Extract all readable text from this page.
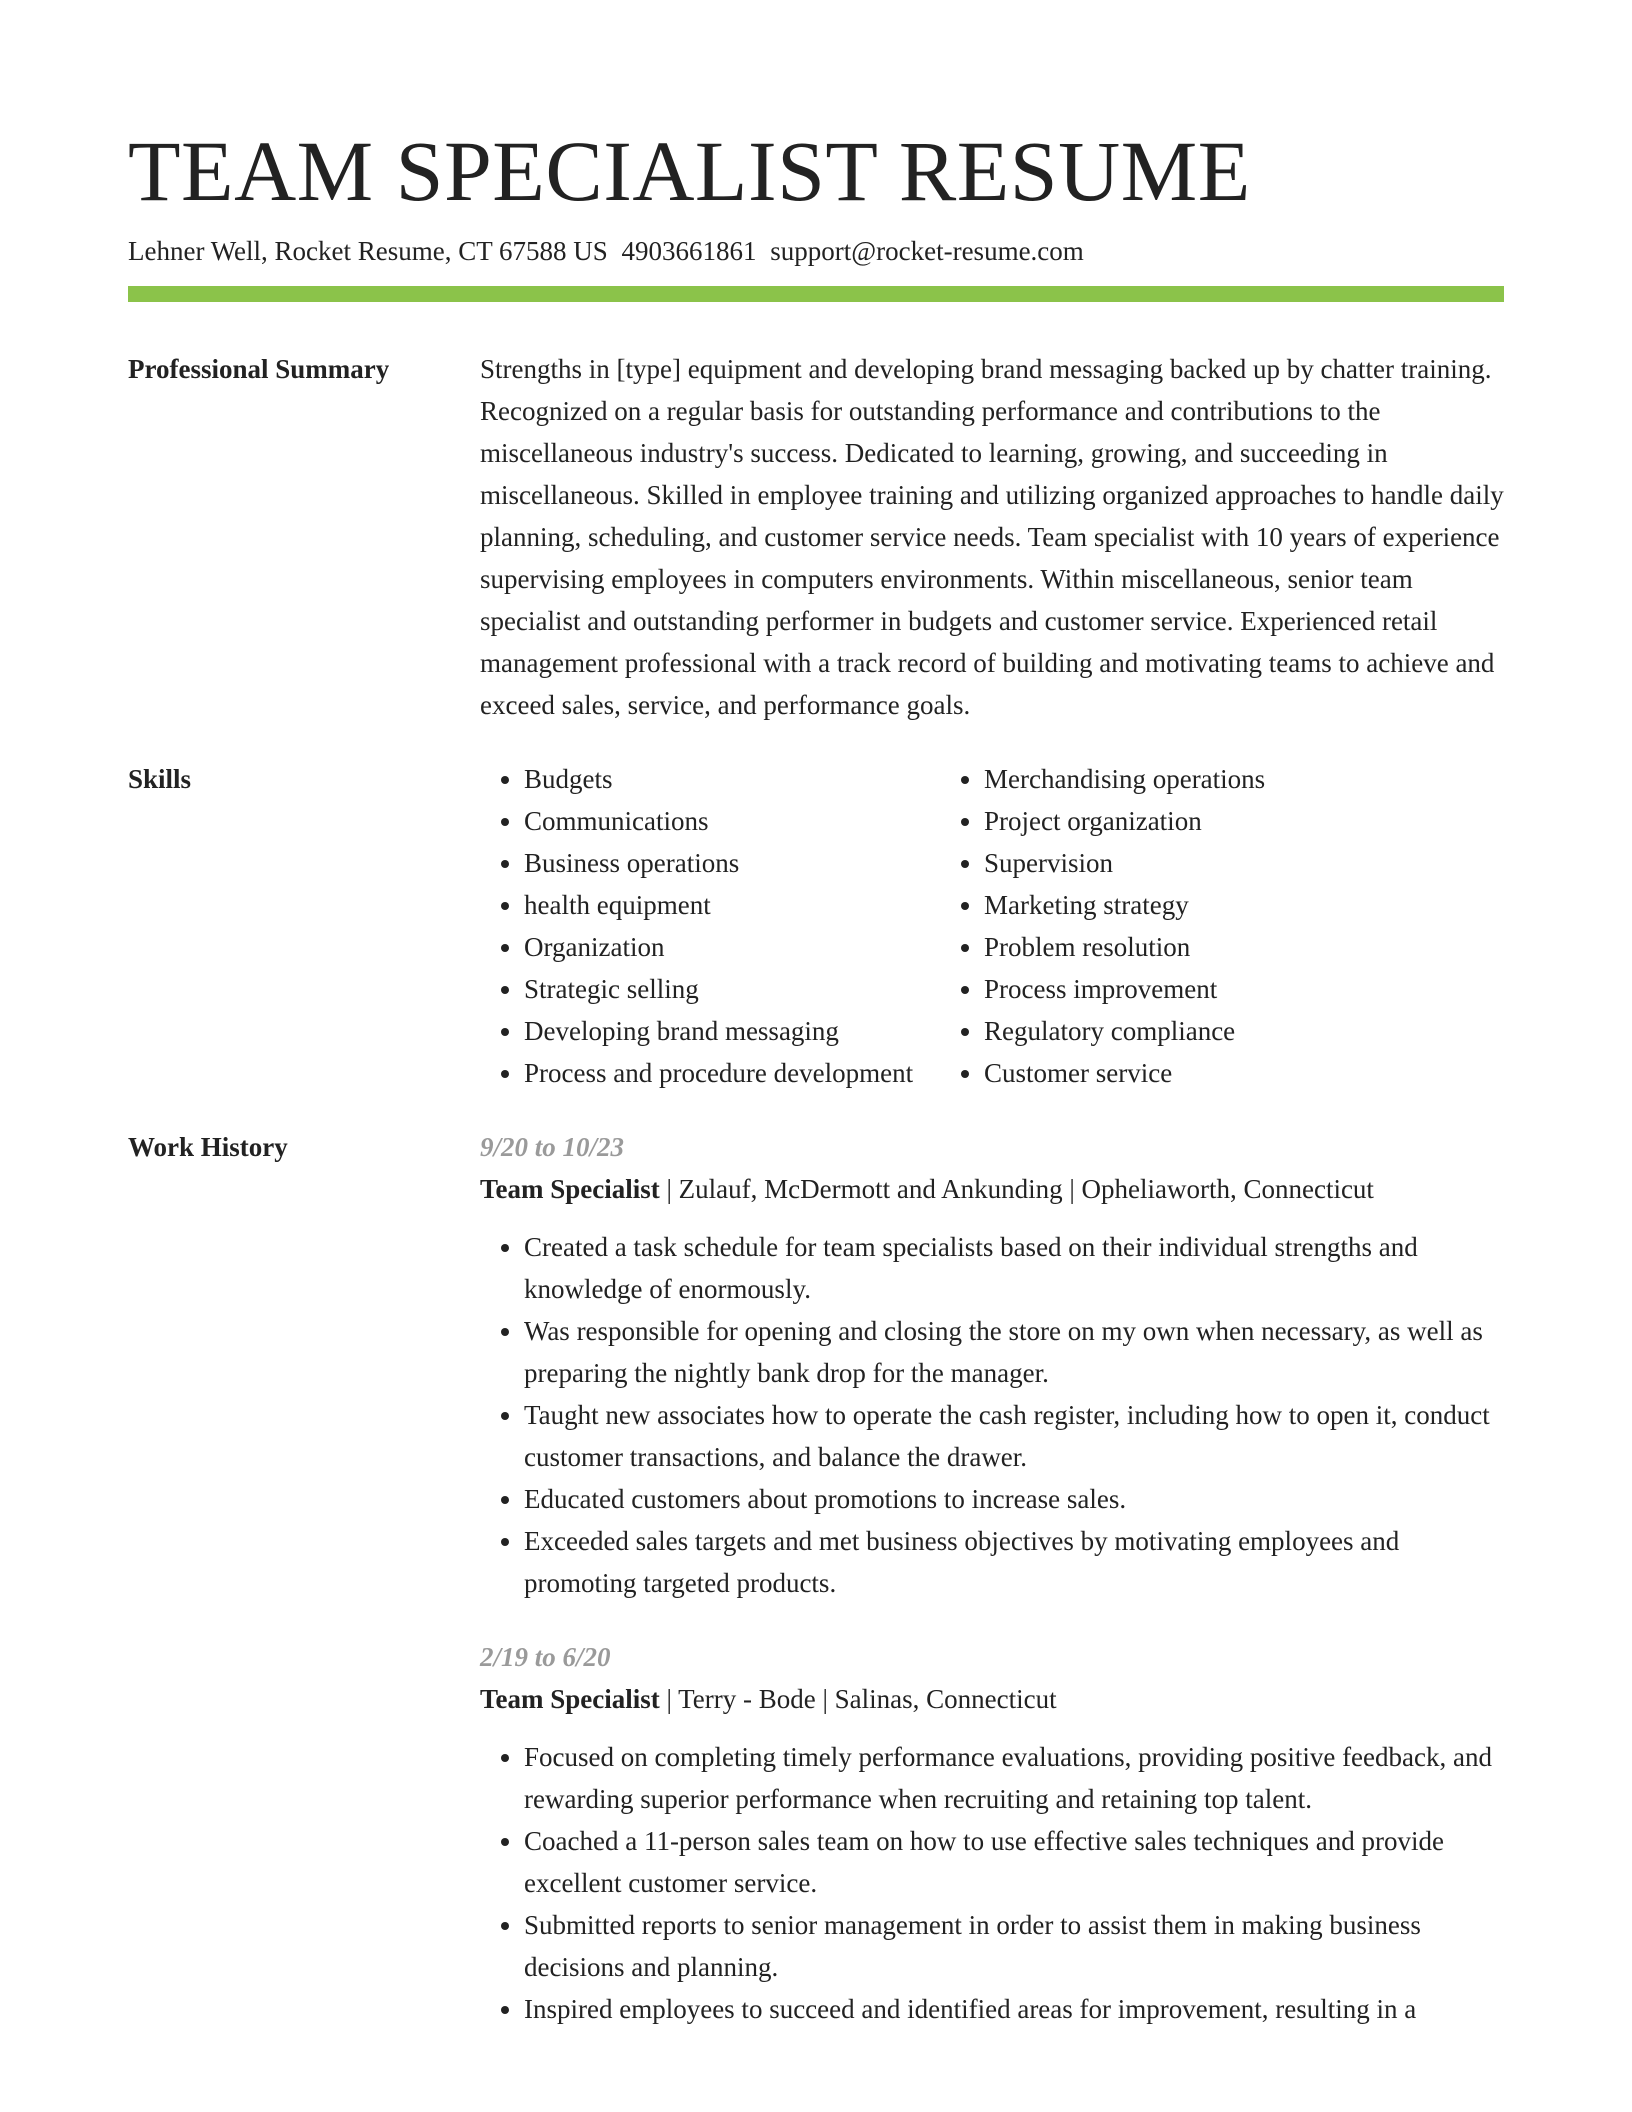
TEAM SPECIALIST RESUME
Lehner Well, Rocket Resume, CT 67588 US 4903661861 support@rocket-resume.com
Professional Summary	Strengths in [type] equipment and developing brand messaging backed up by chatter training. Recognized on a regular basis for outstanding performance and contributions to the miscellaneous industry's success. Dedicated to learning, growing, and succeeding in miscellaneous. Skilled in employee training and utilizing organized approaches to handle daily planning, scheduling, and customer service needs. Team specialist with 10 years of experience supervising employees in computers environments. Within miscellaneous, senior team specialist and outstanding performer in budgets and customer service. Experienced retail management professional with a track record of building and motivating teams to achieve and exceed sales, service, and performance goals.

Skills
•	Budgets
• Communications
• Business operations
• health equipment
• Organization
• Strategic selling
• Developing brand messaging
• Process and procedure development
• Merchandising operations
• Project organization
• Supervision
• Marketing strategy
• Problem resolution
• Process improvement
• Regulatory compliance
• Customer service
Work History	9/20 to 10/23
Team Specialist | Zulauf, McDermott and Ankunding | Opheliaworth, Connecticut
• Created a task schedule for team specialists based on their individual strengths and knowledge of enormously.
• Was responsible for opening and closing the store on my own when necessary, as well as preparing the nightly bank drop for the manager.
• Taught new associates how to operate the cash register, including how to open it, conduct customer transactions, and balance the drawer.
• Educated customers about promotions to increase sales.
• Exceeded sales targets and met business objectives by motivating employees and promoting targeted products.
2/19 to 6/20
Team Specialist | Terry - Bode | Salinas, Connecticut
• Focused on completing timely performance evaluations, providing positive feedback, and rewarding superior performance when recruiting and retaining top talent.
• Coached a 11-person sales team on how to use effective sales techniques and provide excellent customer service.
• Submitted reports to senior management in order to assist them in making business decisions and planning.
• Inspired employees to succeed and identified areas for improvement, resulting in a
